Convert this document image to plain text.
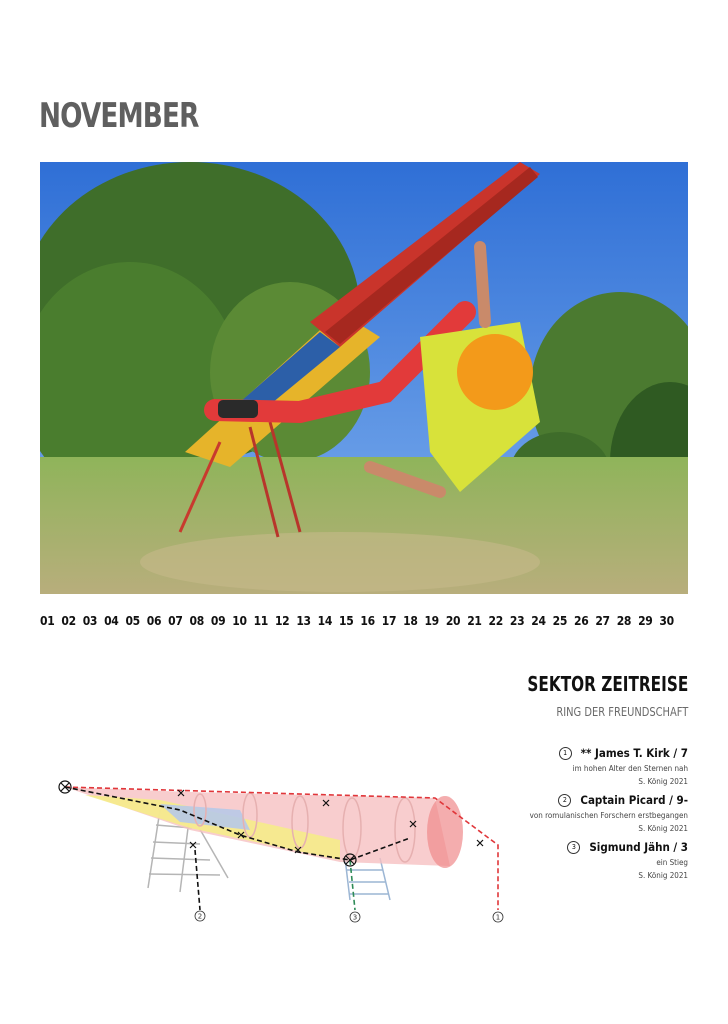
NOVEMBER
01 02 03 04 05 06 07 08 09 10 11 12 13 14 15 16 17 18 19 20 21 22 23 24 25 26 27 28 29 30
SEKTOR ZEITREISE
RING DER FREUNDSCHAFT
1	** James T. Kirk / 7
im hohen Alter den Sternen nah
S. König 2021
2	Captain Picard / 9-
von romulanischen Forschern erstbegangen
S. König 2021
3	Sigmund Jähn / 3
ein Stieg
S. König 2021
2	3	1
